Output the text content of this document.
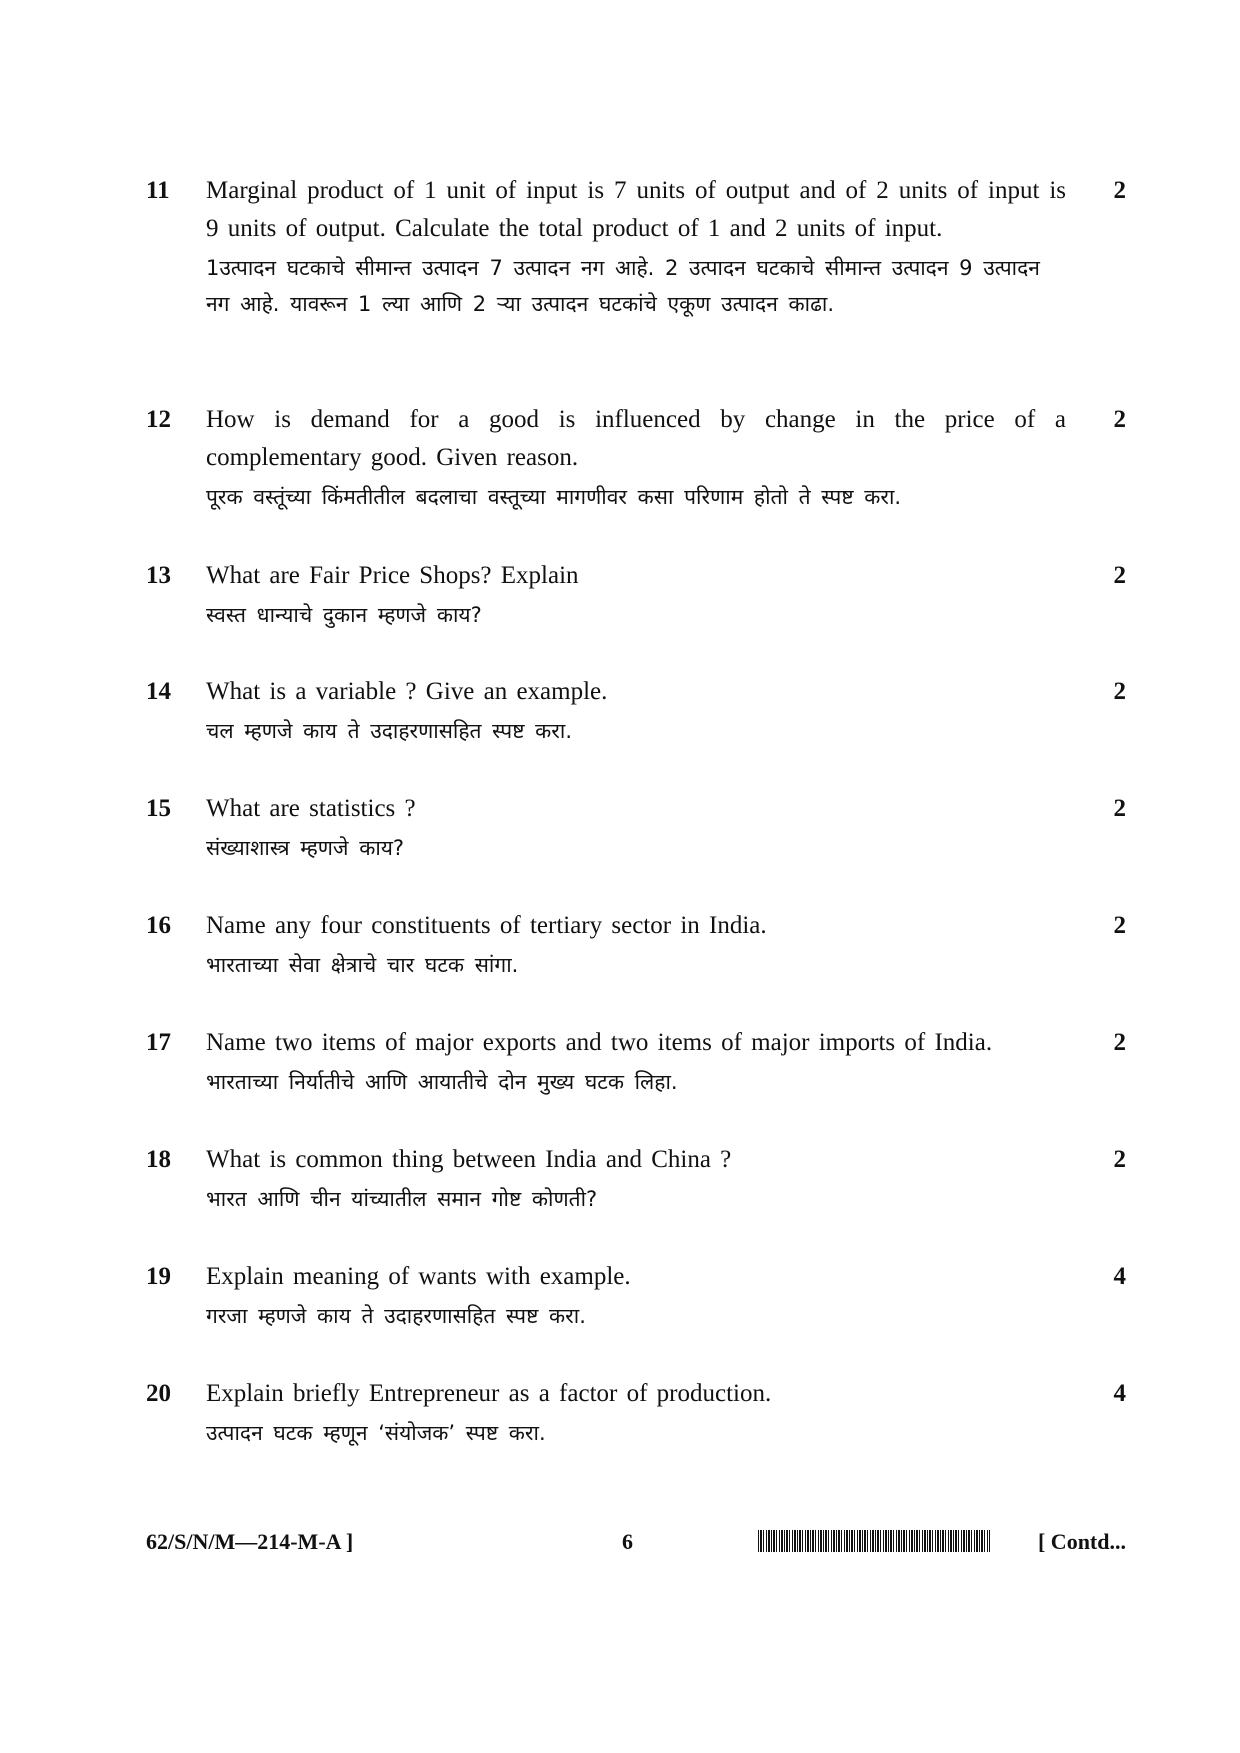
11 Marginal product of 1 unit of input is 7 units of output and of 2 units of input is 9 units of output. Calculate the total product of 1 and 2 units of input.
1उत्पादन घटकाचे सीमान्त उत्पादन 7 उत्पादन नग आहे. 2 उत्पादन घटकाचे सीमान्त उत्पादन 9 उत्पादन नग आहे. यावरून 1 ल्या आणि 2 ऱ्या उत्पादन घटकांचे एकूण उत्पादन काढा.
2
12 How is demand for a good is influenced by change in the price of a complementary good. Given reason.
पूरक वस्तूंच्या किंमतीतील बदलाचा वस्तूच्या मागणीवर कसा परिणाम होतो ते स्पष्ट करा.
2
13 What are Fair Price Shops? Explain
स्वस्त धान्याचे दुकान म्हणजे काय?
2
14 What is a variable ? Give an example.
चल म्हणजे काय ते उदाहरणासहित स्पष्ट करा.
2
15 What are statistics ?
संख्याशास्त्र म्हणजे काय?
2
16 Name any four constituents of tertiary sector in India.
भारताच्या सेवा क्षेत्राचे चार घटक सांगा.
2
17 Name two items of major exports and two items of major imports of India.
भारताच्या निर्यातीचे आणि आयातीचे दोन मुख्य घटक लिहा.
2
18 What is common thing between India and China ?
भारत आणि चीन यांच्यातील समान गोष्ट कोणती?
2
19 Explain meaning of wants with example.
गरजा म्हणजे काय ते उदाहरणासहित स्पष्ट करा.
4
20 Explain briefly Entrepreneur as a factor of production.
उत्पादन घटक म्हणून ‘संयोजक’ स्पष्ट करा.
4
62/S/N/M—214-M-A ]	6	[ Contd...
